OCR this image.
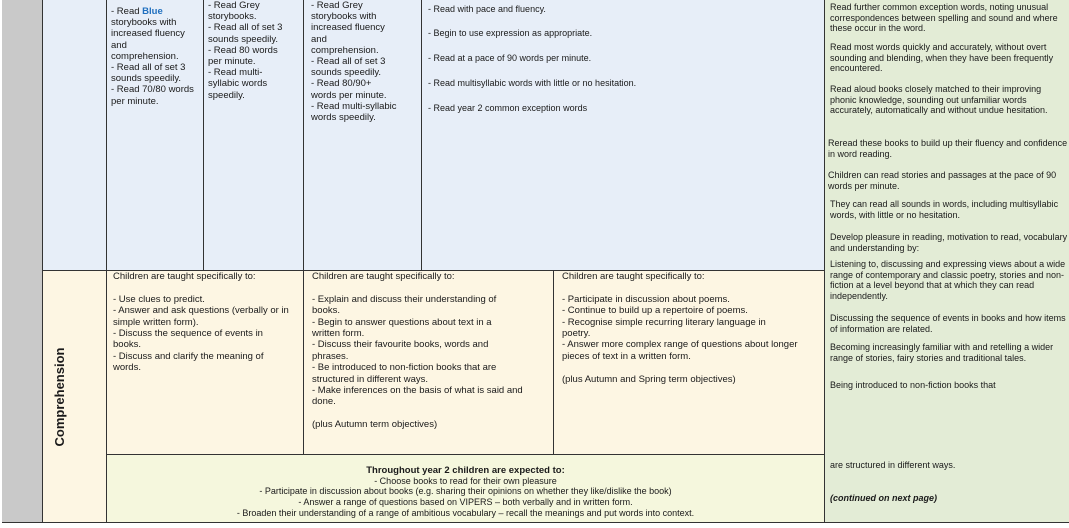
Comprehension
- Read Blue
storybooks with
increased fluency
and
comprehension.
- Read all of set 3
sounds speedily.
- Read 70/80 words
per minute.
- Read Grey
storybooks.
- Read all of set 3
sounds speedily.
- Read 80 words
per minute.
- Read multi-
syllabic words
speedily.
- Read Grey
storybooks with
increased fluency
and
comprehension.
- Read all of set 3
sounds speedily.
- Read 80/90+
words per minute.
- Read multi-syllabic
words speedily.
- Read with pace and fluency.
- Begin to use expression as appropriate.
- Read at a pace of 90 words per minute.
- Read multisyllabic words with little or no hesitation.
- Read year 2 common exception words
Children are taught specifically to:

- Use clues to predict.
- Answer and ask questions (verbally or in
simple written form).
- Discuss the sequence of events in
books.
- Discuss and clarify the meaning of
words.
Children are taught specifically to:

- Explain and discuss their understanding of
books.
- Begin to answer questions about text in a
written form.
- Discuss their favourite books, words and
phrases.
- Be introduced to non-fiction books that are
structured in different ways.
- Make inferences on the basis of what is said and
done.

(plus Autumn term objectives)
Children are taught specifically to:

- Participate in discussion about poems.
- Continue to build up a repertoire of poems.
- Recognise simple recurring literary language in
poetry.
- Answer more complex range of questions about longer
pieces of text in a written form.

(plus Autumn and Spring term objectives)
Throughout year 2 children are expected to:
- Choose books to read for their own pleasure
- Participate in discussion about books (e.g. sharing their opinions on whether they like/dislike the book)
- Answer a range of questions based on VIPERS – both verbally and in written form.
- Broaden their understanding of a range of ambitious vocabulary – recall the meanings and put words into context.
Read further common exception words, noting unusual correspondences between spelling and sound and where these occur in the word.
Read most words quickly and accurately, without overt sounding and blending, when they have been frequently encountered.
Read aloud books closely matched to their improving phonic knowledge, sounding out unfamiliar words accurately, automatically and without undue hesitation.
Reread these books to build up their fluency and confidence in word reading.
Children can read stories and passages at the pace of 90 words per minute.
They can read all sounds in words, including multisyllabic words, with little or no hesitation.
Develop pleasure in reading, motivation to read, vocabulary and understanding by:
Listening to, discussing and expressing views about a wide range of contemporary and classic poetry, stories and non-fiction at a level beyond that at which they can read independently.
Discussing the sequence of events in books and how items of information are related.
Becoming increasingly familiar with and retelling a wider range of stories, fairy stories and traditional tales.
Being introduced to non-fiction books that
are structured in different ways.
(continued on next page)
